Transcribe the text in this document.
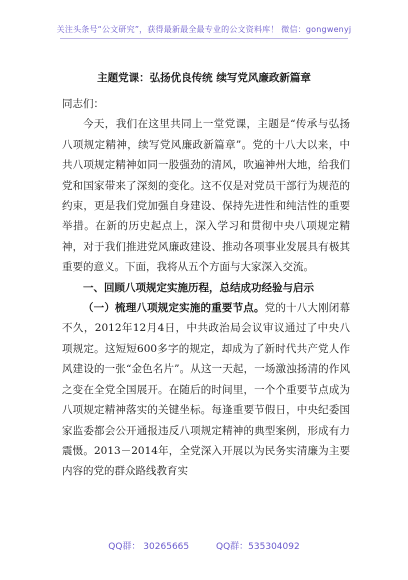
关注头条号“公文研究”，获得最新最全最专业的公文资料库！ 微信：gongwenyj
主题党课：弘扬优良传统 续写党风廉政新篇章

同志们：

今天，我们在这里共同上一堂党课，主题是“传承与弘扬八项规定精神，续写党风廉政新篇章”。党的十八大以来，中共八项规定精神如同一股强劲的清风，吹遍神州大地，给我们党和国家带来了深刻的变化。这不仅是对党员干部行为规范的约束，更是我们党加强自身建设、保持先进性和纯洁性的重要举措。在新的历史起点上，深入学习和贯彻中央八项规定精神，对于我们推进党风廉政建设、推动各项事业发展具有极其重要的意义。下面，我将从五个方面与大家深入交流。

一、回顾八项规定实施历程，总结成功经验与启示

（一）梳理八项规定实施的重要节点。党的十八大刚闭幕不久，2012年12月4日，中共政治局会议审议通过了中央八项规定。这短短600多字的规定，却成为了新时代共产党人作风建设的一张“金色名片”。从这一天起，一场激浊扬清的作风之变在全党全国展开。在随后的时间里，一个个重要节点成为八项规定精神落实的关键坐标。每逢重要节假日，中央纪委国家监委都会公开通报违反八项规定精神的典型案例，形成有力震慑。2013－2014年，全党深入开展以为民务实清廉为主要内容的党的群众路线教育实

QQ群： 30265665	QQ群：535304092
